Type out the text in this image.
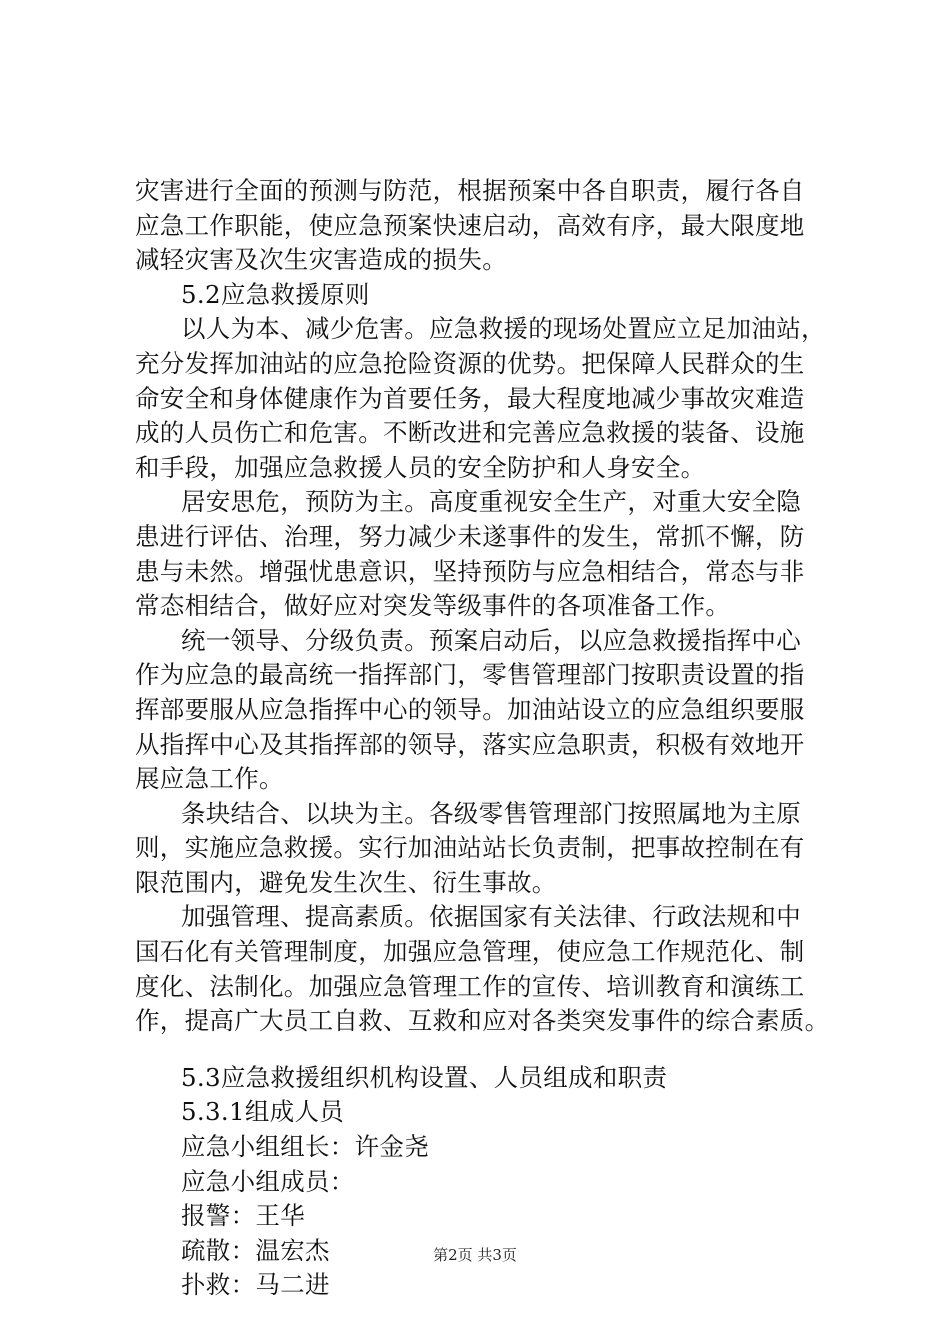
灾害进行全面的预测与防范，根据预案中各自职责，履行各自
应急工作职能，使应急预案快速启动，高效有序，最大限度地
减轻灾害及次生灾害造成的损失。
5.2应急救援原则
以人为本、减少危害。应急救援的现场处置应立足加油站，
充分发挥加油站的应急抢险资源的优势。把保障人民群众的生
命安全和身体健康作为首要任务，最大程度地减少事故灾难造
成的人员伤亡和危害。不断改进和完善应急救援的装备、设施
和手段，加强应急救援人员的安全防护和人身安全。
居安思危，预防为主。高度重视安全生产，对重大安全隐
患进行评估、治理，努力减少未遂事件的发生，常抓不懈，防
患与未然。增强忧患意识，坚持预防与应急相结合，常态与非
常态相结合，做好应对突发等级事件的各项准备工作。
统一领导、分级负责。预案启动后，以应急救援指挥中心
作为应急的最高统一指挥部门，零售管理部门按职责设置的指
挥部要服从应急指挥中心的领导。加油站设立的应急组织要服
从指挥中心及其指挥部的领导，落实应急职责，积极有效地开
展应急工作。
条块结合、以块为主。各级零售管理部门按照属地为主原
则，实施应急救援。实行加油站站长负责制，把事故控制在有
限范围内，避免发生次生、衍生事故。
加强管理、提高素质。依据国家有关法律、行政法规和中
国石化有关管理制度，加强应急管理，使应急工作规范化、制
度化、法制化。加强应急管理工作的宣传、培训教育和演练工
作，提高广大员工自救、互救和应对各类突发事件的综合素质。
5.3应急救援组织机构设置、人员组成和职责
5.3.1组成人员
应急小组组长：许金尧
应急小组成员：
报警：王华
疏散：温宏杰
扑救：马二进
第2页 共3页
